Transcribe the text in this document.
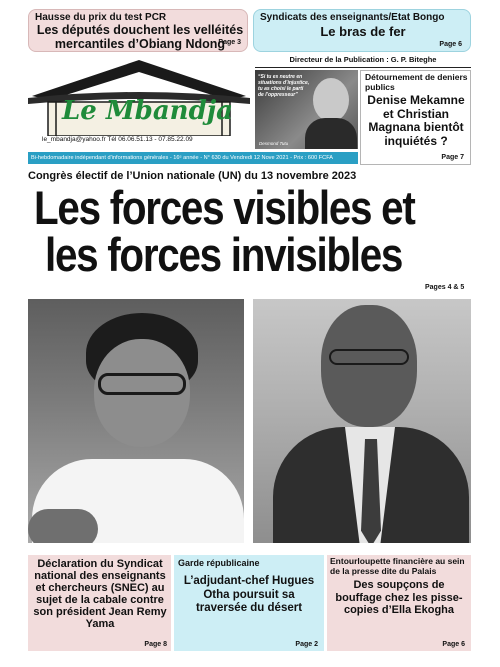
Hausse du prix du test PCR
Les députés douchent les velléités mercantiles d’Obiang Ndong
Page 3
Syndicats des enseignants/Etat Bongo
Le bras de fer
Page 6
Le Mbandja
le_mbandja@yahoo.fr Tél 06.06.51.13 - 07.85.22.09
Directeur de la Publication : G. P. Biteghe
“Si tu es neutre en situations d’injustice, tu as choisi le parti de l’oppresseur”
Desmond Tutu
Détournement de deniers publics
Denise Mekamne et Christian Magnana bientôt inquiétés ?
Page 7
Bi-hebdomadaire indépendant d'informations générales - 16ᵉ année - N° 630 du Vendredi 12 Nove 2021 - Prix : 600 FCFA
Congrès électif de l’Union nationale (UN) du 13 novembre 2023
Les forces visibles et
les forces invisibles
Pages 4 & 5
Déclaration du Syndicat national des enseignants et chercheurs (SNEC) au sujet de la cabale contre son président Jean Remy Yama
Page 8
Garde républicaine
L’adjudant-chef Hugues Otha poursuit sa traversée du désert
Page 2
Entourloupette financière au sein de la presse dite du Palais
Des soupçons de bouffage chez les pisse-copies d’Ella Ekogha
Page 6
